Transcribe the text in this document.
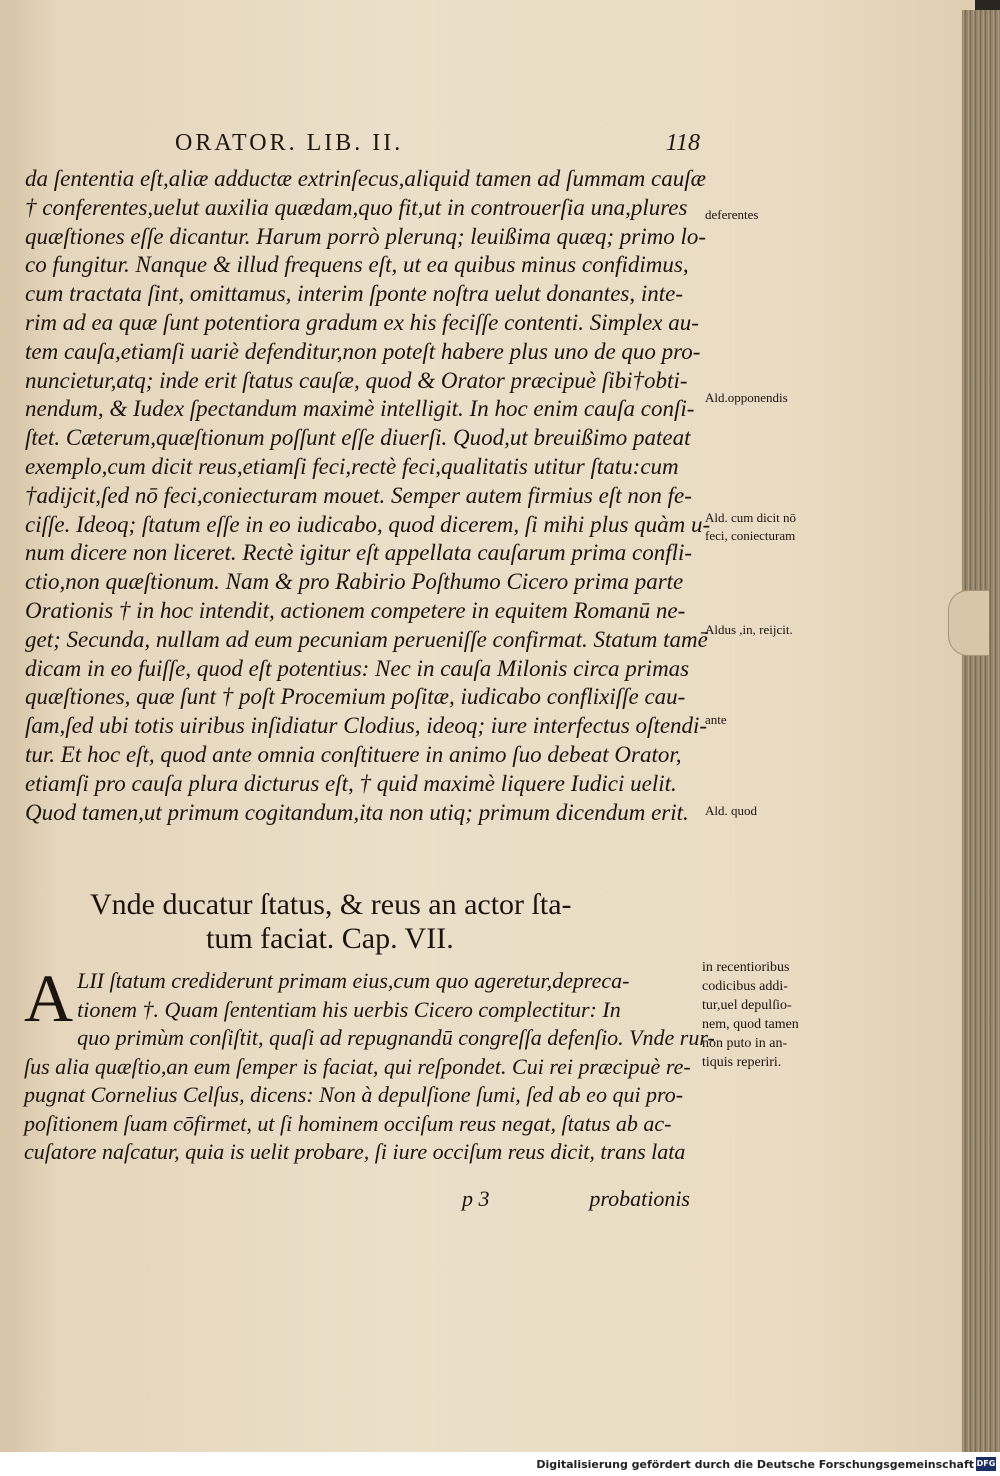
ORATOR. LIB. II.	118
da ſententia eſt,aliæ adductæ extrinſecus,aliquid tamen ad ſummam cauſæ
† conferentes,uelut auxilia quædam,quo fit,ut in controuerſia una,plures
quæſtiones eſſe dicantur. Harum porrò plerunq; leuißima quæq; primo lo-
co fungitur. Nanque & illud frequens eſt, ut ea quibus minus confidimus,
cum tractata ſint, omittamus, interim ſponte noſtra uelut donantes, inte-
rim ad ea quæ ſunt potentiora gradum ex his feciſſe contenti. Simplex au-
tem cauſa,etiamſi uariè defenditur,non poteſt habere plus uno de quo pro-
nuncietur,atq; inde erit ſtatus cauſæ, quod & Orator præcipuè ſibi†obti-
nendum, & Iudex ſpectandum maximè intelligit. In hoc enim cauſa conſi-
ſtet. Cæterum,quæſtionum poſſunt eſſe diuerſi. Quod,ut breuißimo pateat
exemplo,cum dicit reus,etiamſi feci,rectè feci,qualitatis utitur ſtatu:cum
†adijcit,ſed nō feci,coniecturam mouet. Semper autem firmius eſt non fe-
ciſſe. Ideoq; ſtatum eſſe in eo iudicabo, quod dicerem, ſi mihi plus quàm u-
num dicere non liceret. Rectè igitur eſt appellata cauſarum prima confli-
ctio,non quæſtionum. Nam & pro Rabirio Poſthumo Cicero prima parte
Orationis † in hoc intendit, actionem competere in equitem Romanū ne-
get; Secunda, nullam ad eum pecuniam perueniſſe confirmat. Statum tamē
dicam in eo fuiſſe, quod eſt potentius: Nec in cauſa Milonis circa primas
quæſtiones, quæ ſunt † poſt Procemium poſitæ, iudicabo conflixiſſe cau-
ſam,ſed ubi totis uiribus inſidiatur Clodius, ideoq; iure interfectus oſtendi-
tur. Et hoc eſt, quod ante omnia conſtituere in animo ſuo debeat Orator,
etiamſi pro cauſa plura dicturus eſt, † quid maximè liquere Iudici uelit.
Quod tamen,ut primum cogitandum,ita non utiq; primum dicendum erit.
deferentes
Ald.opponendis
Ald. cum dicit nō
feci, coniecturam
Aldus ,in, reijcit.
ante
Ald. quod
Vnde ducatur ſtatus, & reus an actor ſta-
tum faciat. Cap. VII.
A LII ſtatum crediderunt primam eius,cum quo ageretur,depreca-
tionem †. Quam ſententiam his uerbis Cicero complectitur: In
quo primùm conſiſtit, quaſi ad repugnandū congreſſa defenſio. Vnde rur-
ſus alia quæſtio,an eum ſemper is faciat, qui reſpondet. Cui rei præcipuè re-
pugnat Cornelius Celſus, dicens: Non à depulſione ſumi, ſed ab eo qui pro-
poſitionem ſuam cōfirmet, ut ſi hominem occiſum reus negat, ſtatus ab ac-
cuſatore naſcatur, quia is uelit probare, ſi iure occiſum reus dicit, trans lata
in recentioribus
codicibus addi-
tur,uel depulſio-
nem, quod tamen
non puto in an-
tiquis reperiri.
p 3	probationis
Digitalisierung gefördert durch die Deutsche Forschungsgemeinschaft DFG
